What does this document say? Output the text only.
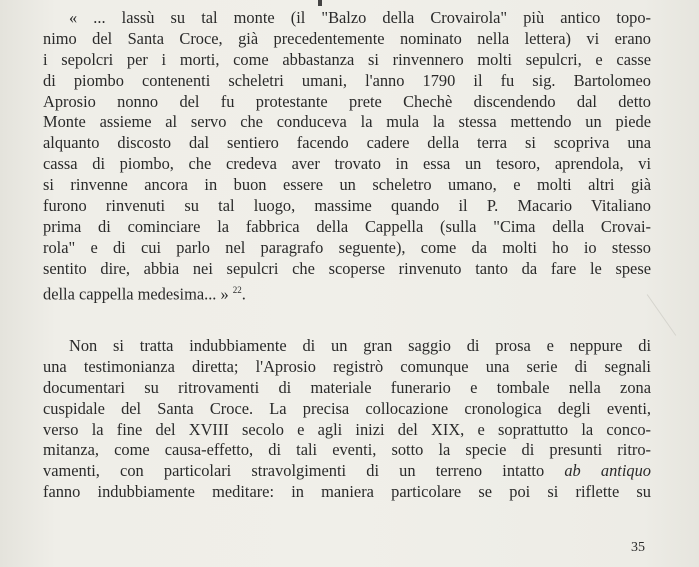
« ... lassù su tal monte (il "Balzo della Crovairola" più antico topo-
nimo del Santa Croce, già precedentemente nominato nella lettera) vi erano
i sepolcri per i morti, come abbastanza si rinvennero molti sepulcri, e casse
di piombo contenenti scheletri umani, l'anno 1790 il fu sig. Bartolomeo
Aprosio nonno del fu protestante prete Chechè discendendo dal detto
Monte assieme al servo che conduceva la mula la stessa mettendo un piede
alquanto discosto dal sentiero facendo cadere della terra si scopriva una
cassa di piombo, che credeva aver trovato in essa un tesoro, aprendola, vi
si rinvenne ancora in buon essere un scheletro umano, e molti altri già
furono rinvenuti su tal luogo, massime quando il P. Macario Vitaliano
prima di cominciare la fabbrica della Cappella (sulla "Cima della Crovai-
rola" e di cui parlo nel paragrafo seguente), come da molti ho io stesso
sentito dire, abbia nei sepulcri che scoperse rinvenuto tanto da fare le spese
della cappella medesima... » $^{22}$.
Non si tratta indubbiamente di un gran saggio di prosa e neppure di
una testimonianza diretta; l'Aprosio registrò comunque una serie di segnali
documentari su ritrovamenti di materiale funerario e tombale nella zona
cuspidale del Santa Croce. La precisa collocazione cronologica degli eventi,
verso la fine del XVIII secolo e agli inizi del XIX, e soprattutto la conco-
mitanza, come causa-effetto, di tali eventi, sotto la specie di presunti ritro-
vamenti, con particolari stravolgimenti di un terreno intatto ab antiquo
fanno indubbiamente meditare: in maniera particolare se poi si riflette su
35
